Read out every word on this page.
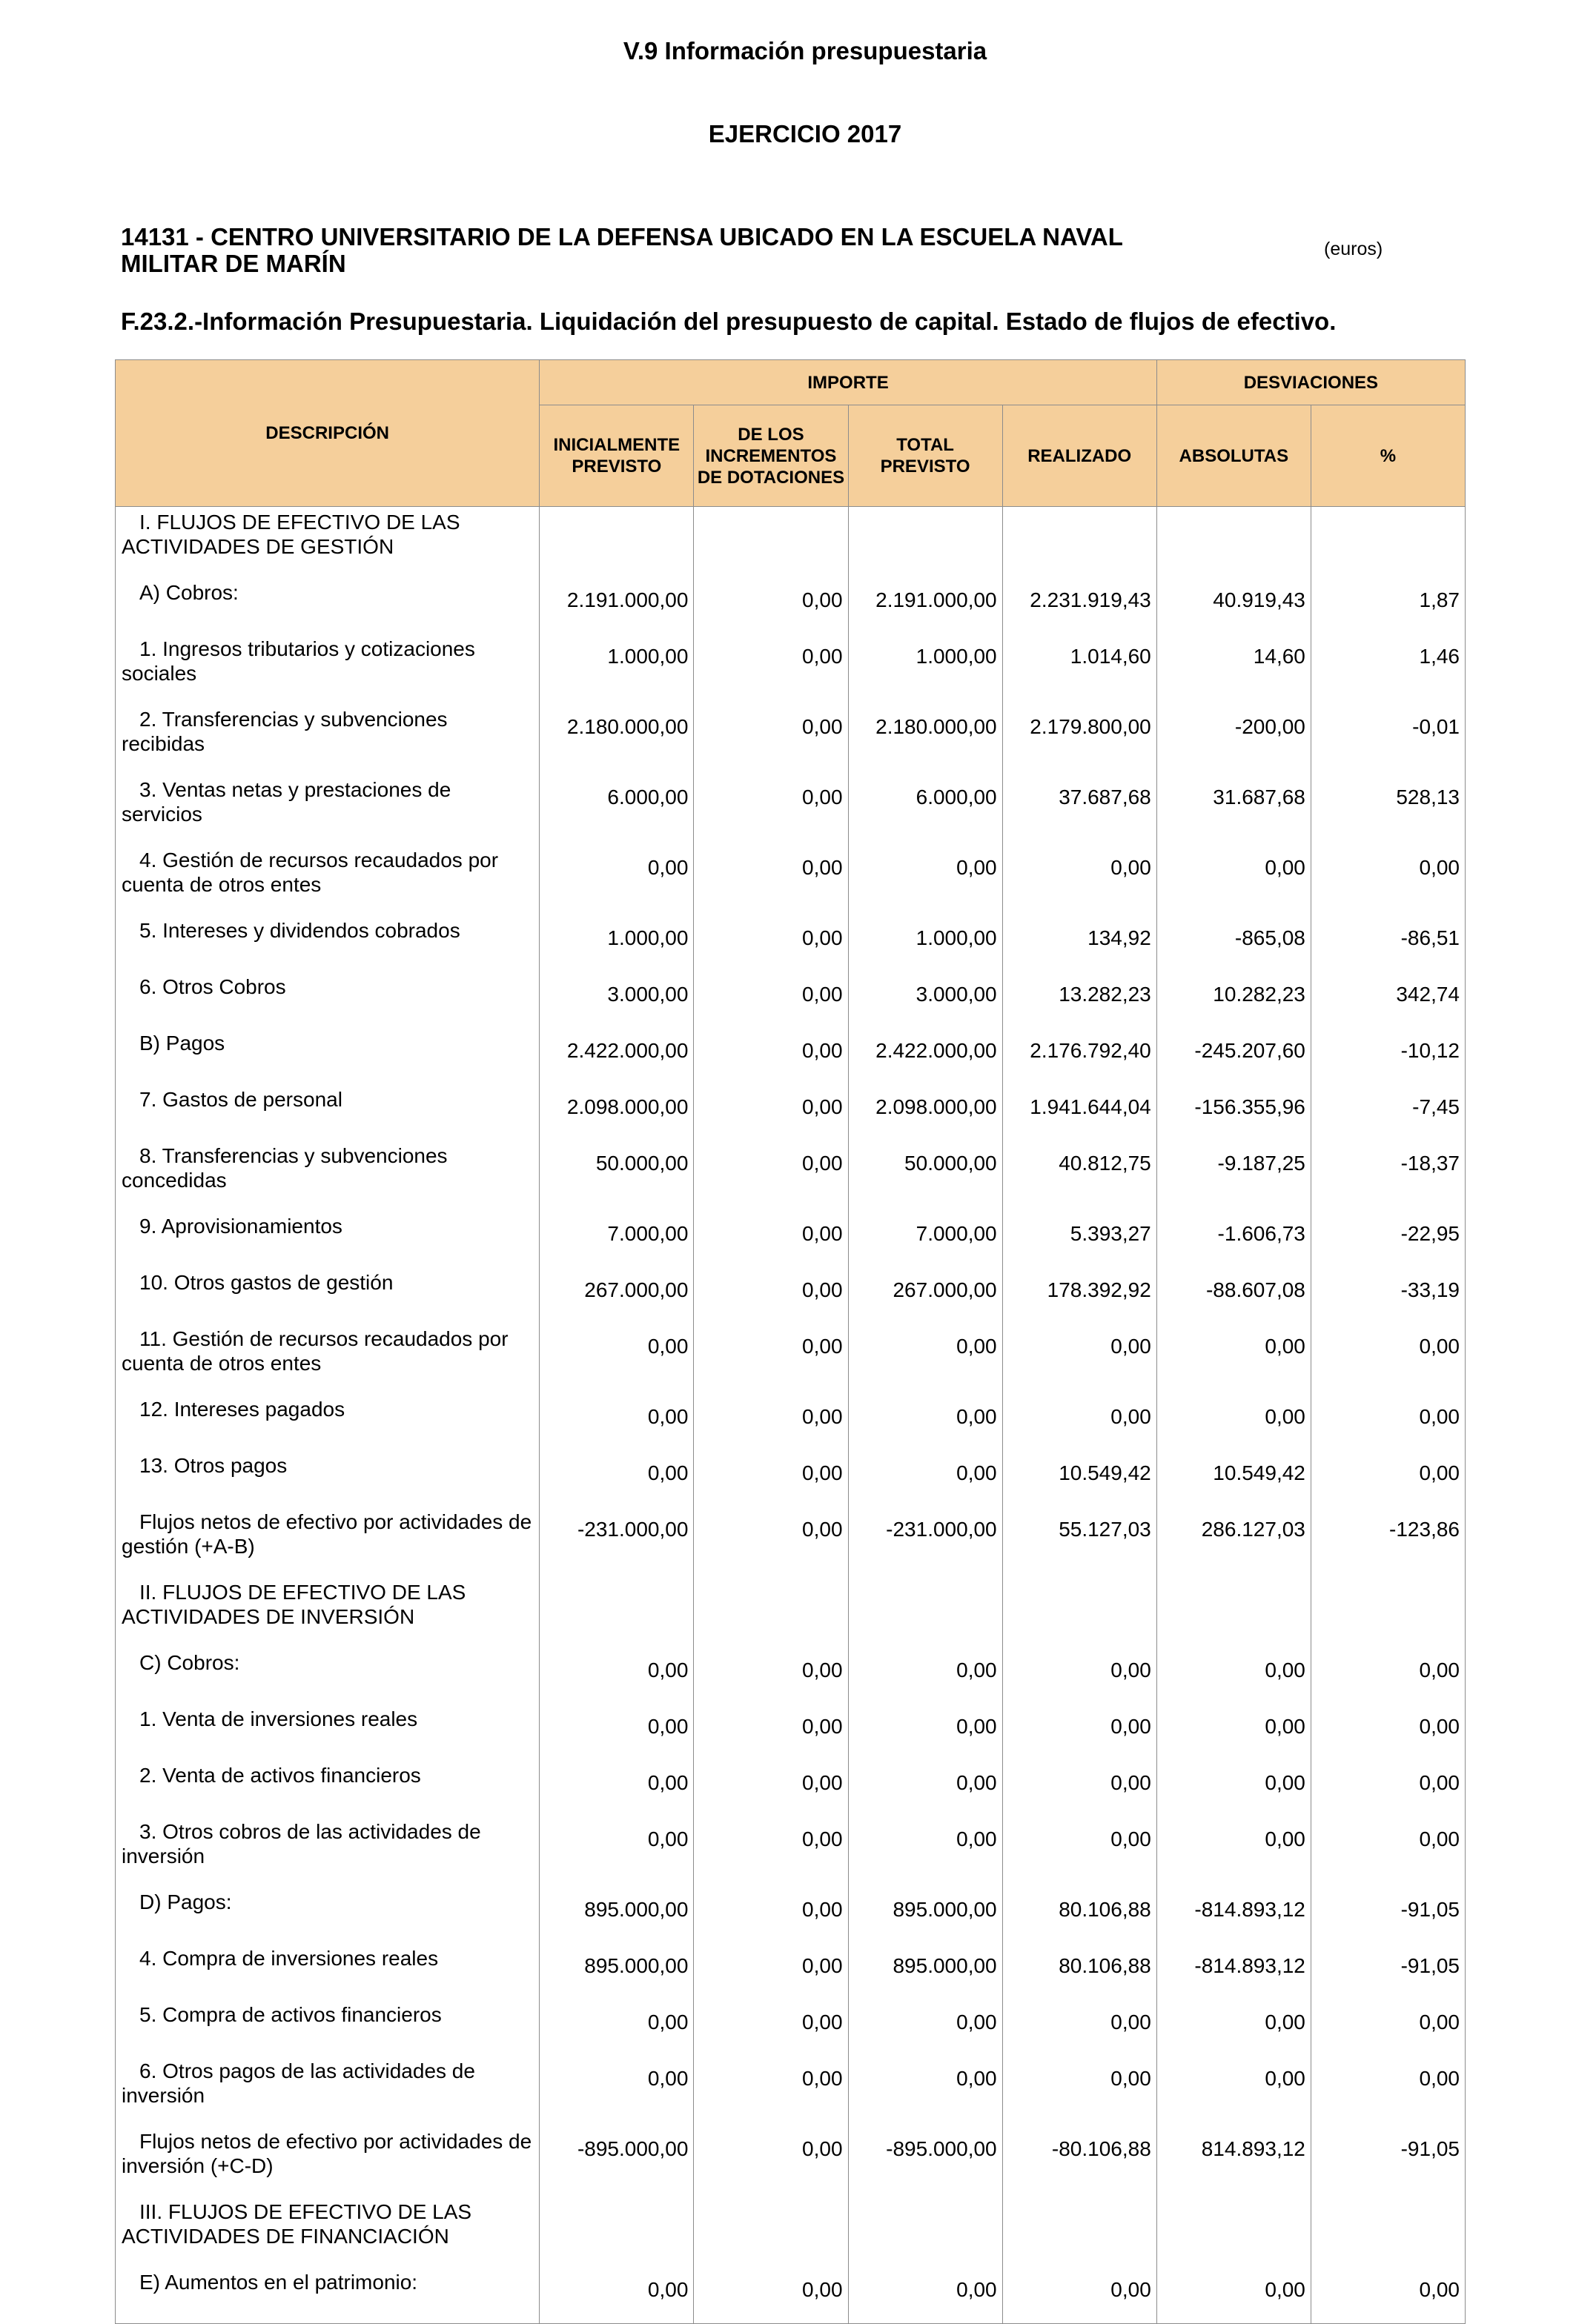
V.9 Información presupuestaria
EJERCICIO 2017
14131 - CENTRO UNIVERSITARIO DE LA DEFENSA UBICADO EN LA ESCUELA NAVAL MILITAR DE MARÍN
(euros)
F.23.2.-Información Presupuestaria. Liquidación del presupuesto de capital. Estado de flujos de efectivo.
DESCRIPCIÓN	IMPORTE				DESVIACIONES	
	INICIALMENTE PREVISTO	DE LOS INCREMENTOS DE DOTACIONES	TOTAL PREVISTO	REALIZADO	ABSOLUTAS	%

I. FLUJOS DE EFECTIVO DE LAS ACTIVIDADES DE GESTIÓN						

A) Cobros:	2.191.000,00	0,00	2.191.000,00	2.231.919,43	40.919,43	1,87

1. Ingresos tributarios y cotizaciones sociales	1.000,00	0,00	1.000,00	1.014,60	14,60	1,46

2. Transferencias y subvenciones recibidas	2.180.000,00	0,00	2.180.000,00	2.179.800,00	-200,00	-0,01

3. Ventas netas y prestaciones de servicios	6.000,00	0,00	6.000,00	37.687,68	31.687,68	528,13

4. Gestión de recursos recaudados por cuenta de otros entes	0,00	0,00	0,00	0,00	0,00	0,00

5. Intereses y dividendos cobrados	1.000,00	0,00	1.000,00	134,92	-865,08	-86,51

6. Otros Cobros	3.000,00	0,00	3.000,00	13.282,23	10.282,23	342,74

B) Pagos	2.422.000,00	0,00	2.422.000,00	2.176.792,40	-245.207,60	-10,12

7. Gastos de personal	2.098.000,00	0,00	2.098.000,00	1.941.644,04	-156.355,96	-7,45

8. Transferencias y subvenciones concedidas	50.000,00	0,00	50.000,00	40.812,75	-9.187,25	-18,37

9. Aprovisionamientos	7.000,00	0,00	7.000,00	5.393,27	-1.606,73	-22,95

10. Otros gastos de gestión	267.000,00	0,00	267.000,00	178.392,92	-88.607,08	-33,19

11. Gestión de recursos recaudados por cuenta de otros entes	0,00	0,00	0,00	0,00	0,00	0,00

12. Intereses pagados	0,00	0,00	0,00	0,00	0,00	0,00

13. Otros pagos	0,00	0,00	0,00	10.549,42	10.549,42	0,00

Flujos netos de efectivo por actividades de gestión (+A-B)	-231.000,00	0,00	-231.000,00	55.127,03	286.127,03	-123,86

II. FLUJOS DE EFECTIVO DE LAS ACTIVIDADES DE INVERSIÓN						

C) Cobros:	0,00	0,00	0,00	0,00	0,00	0,00

1. Venta de inversiones reales	0,00	0,00	0,00	0,00	0,00	0,00

2. Venta de activos financieros	0,00	0,00	0,00	0,00	0,00	0,00

3. Otros cobros de las actividades de inversión	0,00	0,00	0,00	0,00	0,00	0,00

D) Pagos:	895.000,00	0,00	895.000,00	80.106,88	-814.893,12	-91,05

4. Compra de inversiones reales	895.000,00	0,00	895.000,00	80.106,88	-814.893,12	-91,05

5. Compra de activos financieros	0,00	0,00	0,00	0,00	0,00	0,00

6. Otros pagos de las actividades de inversión	0,00	0,00	0,00	0,00	0,00	0,00

Flujos netos de efectivo por actividades de inversión (+C-D)	-895.000,00	0,00	-895.000,00	-80.106,88	814.893,12	-91,05

III. FLUJOS DE EFECTIVO DE LAS ACTIVIDADES DE FINANCIACIÓN						

E) Aumentos en el patrimonio:	0,00	0,00	0,00	0,00	0,00	0,00
